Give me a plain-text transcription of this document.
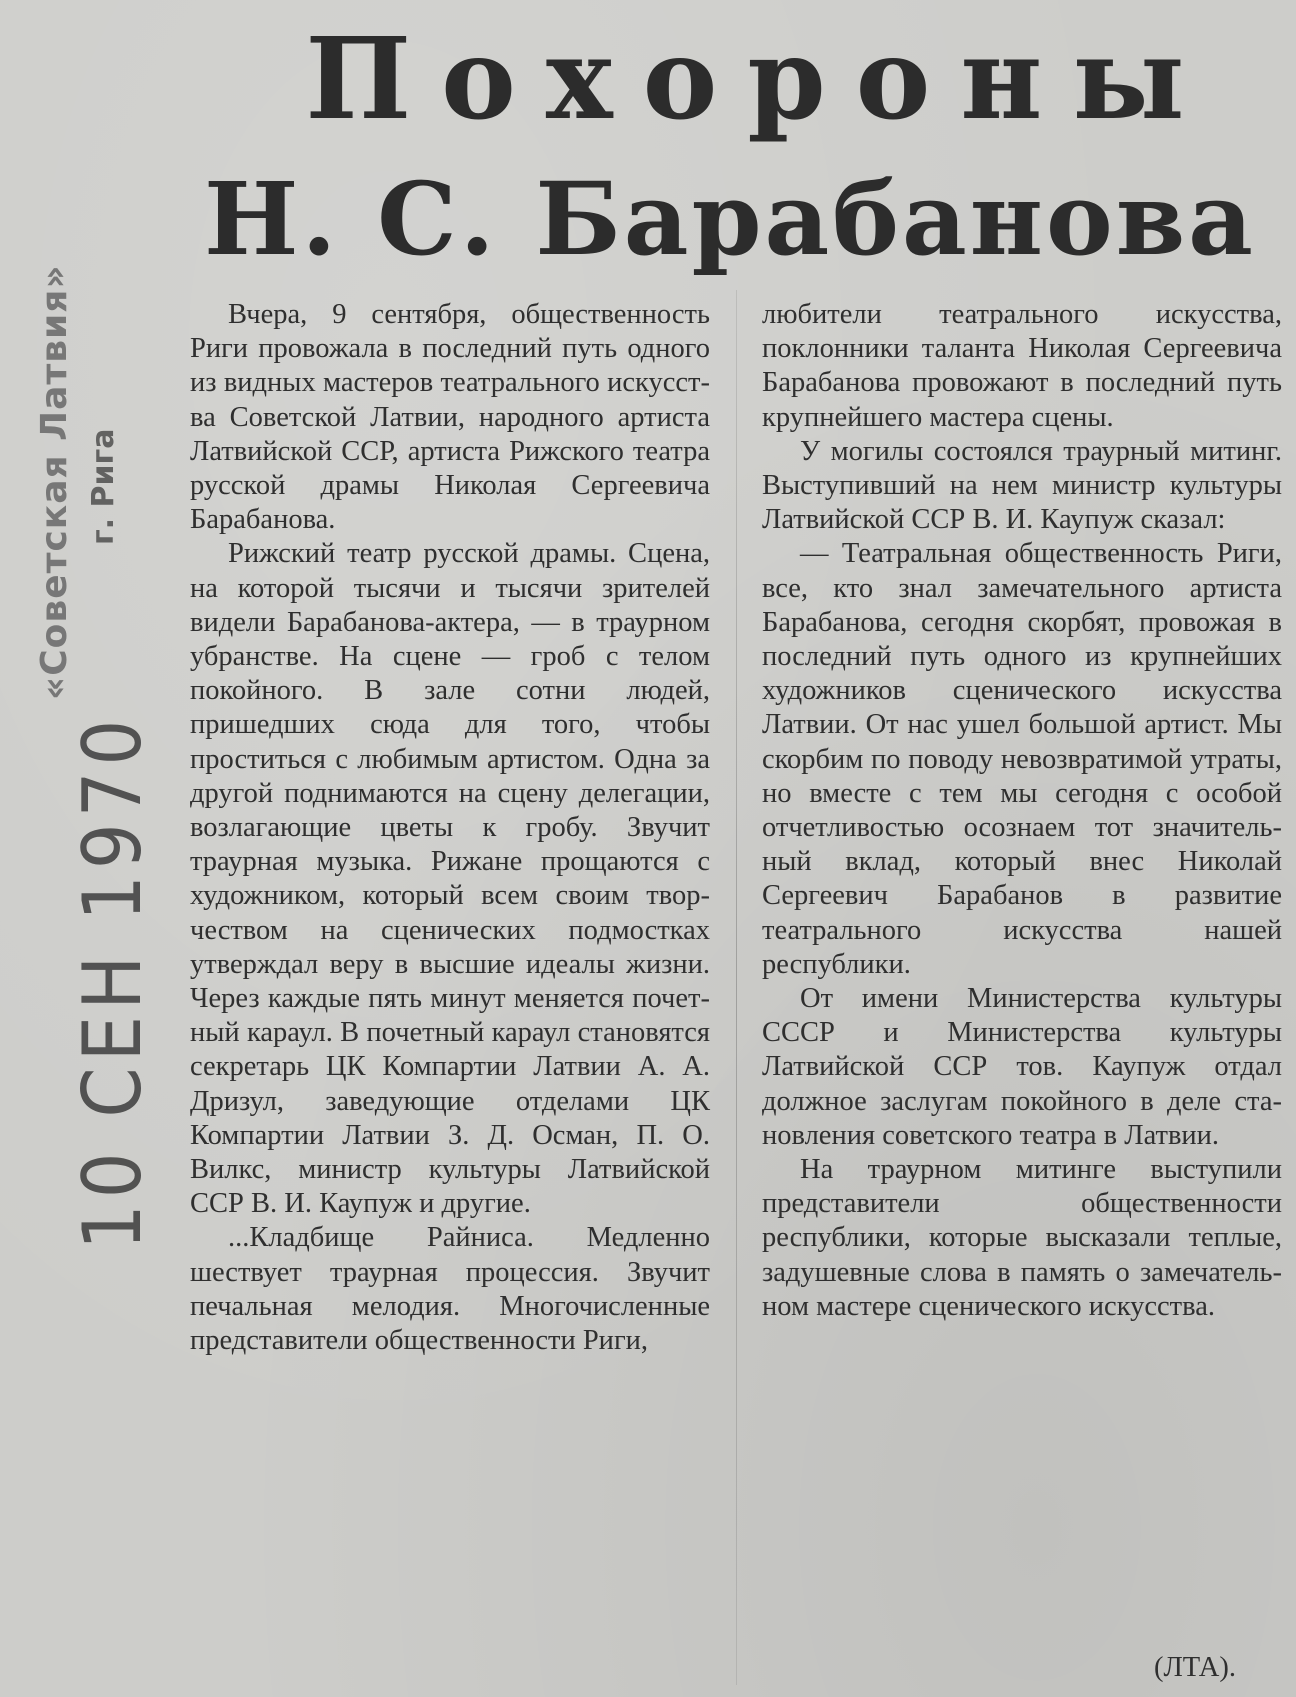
Похороны
Н. С. Барабанова

Вчера, 9 сентября, общественность Риги провожала в последний путь одного из видных мастеров театрального искусства Советской Латвии, народного артиста Латвийской ССР, артиста Рижского театра русской драмы Николая Сергеевича Барабанова.

Рижский театр русской драмы. Сцена, на которой тысячи и тысячи зрителей видели Барабанова-актера, — в траурном убранстве. На сцене — гроб с телом покойного. В зале сотни людей, пришедших сюда для того, чтобы проститься с любимым артистом. Одна за другой поднимаются на сцену делегации, возлагающие цветы к гробу. Звучит траурная музыка. Рижане прощаются с художником, который всем своим творчеством на сценических подмостках утверждал веру в высшие идеалы жизни. Через каждые пять минут меняется почетный караул. В почетный караул становятся секретарь ЦК Компартии Латвии А. А. Дризул, заведующие отделами ЦК Компартии Латвии З. Д. Осман, П. О. Вилкс, министр культуры Латвийской ССР В. И. Каупуж и другие.

...Кладбище Райниса. Медленно шествует траурная процессия. Звучит печальная мелодия. Многочисленные представители общественности Риги,

любители театрального искусства, поклонники таланта Николая Сергеевича Барабанова провожают в последний путь крупнейшего мастера сцены.

У могилы состоялся траурный митинг. Выступивший на нем министр культуры Латвийской ССР В. И. Каупуж сказал:

— Театральная общественность Риги, все, кто знал замечательного артиста Барабанова, сегодня скорбят, провожая в последний путь одного из крупнейших художников сценического искусства Латвии. От нас ушел большой артист. Мы скорбим по поводу невозвратимой утраты, но вместе с тем мы сегодня с особой отчетливостью осознаем тот значительный вклад, который внес Николай Сергеевич Барабанов в развитие театрального искусства нашей республики.

От имени Министерства культуры СССР и Министерства культуры Латвийской ССР тов. Каупуж отдал должное заслугам покойного в деле становления советского театра в Латвии.

На траурном митинге выступили представители общественности республики, которые высказали теплые, задушевные слова в память о замечательном мастере сценического искусства.

(ЛТА).
«Советская Латвия» г. Рига
10 СЕН 1970
